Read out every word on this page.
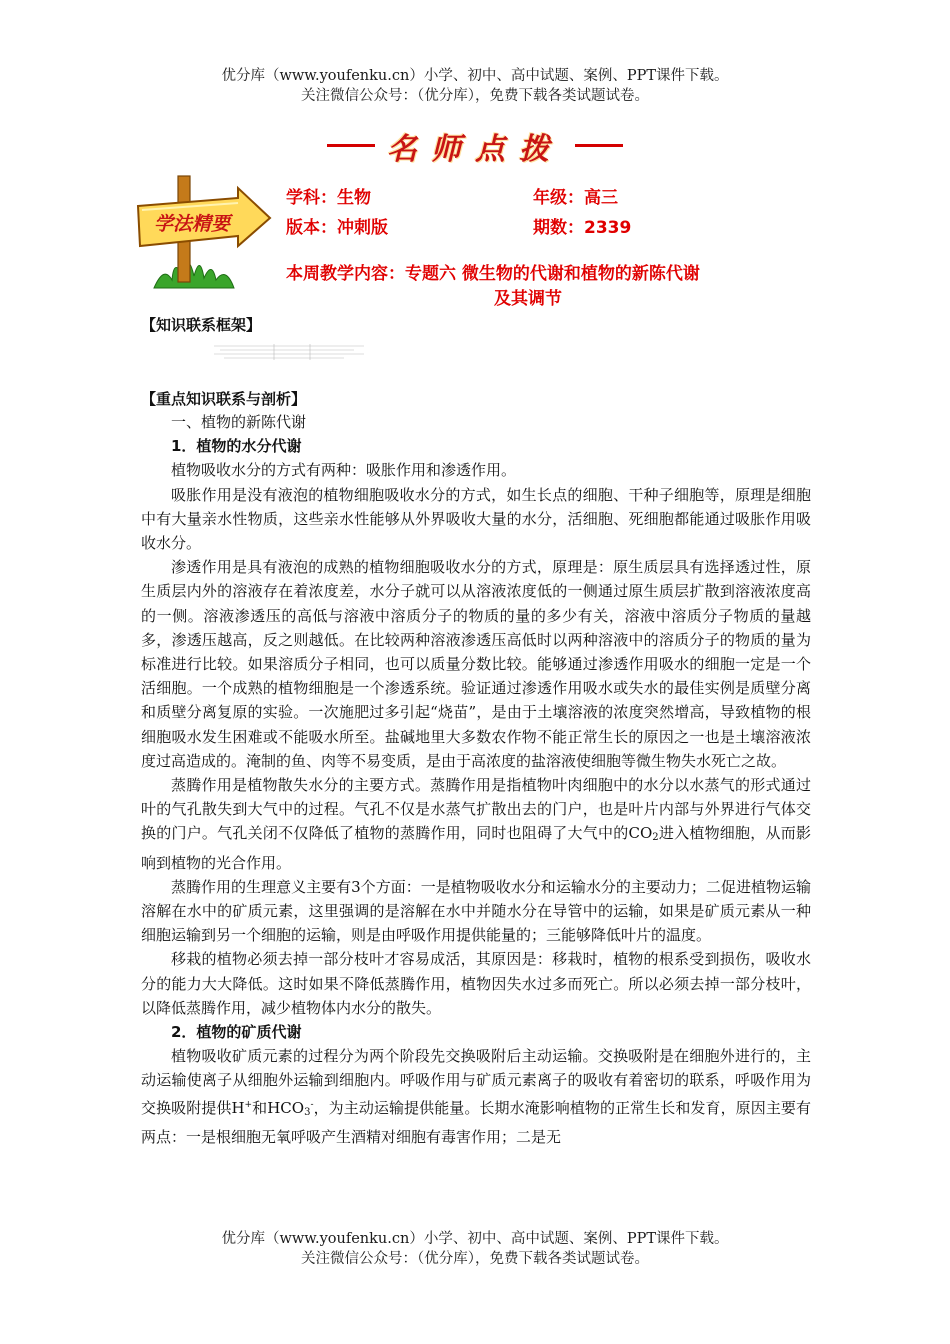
优分库（www.youfenku.cn）小学、初中、高中试题、案例、PPT课件下载。
关注微信公众号：（优分库），免费下载各类试题试卷。
名师点拨
学法精要
学科：生物	年级：高三
版本：冲刺版	期数：2339
本周教学内容：专题六 微生物的代谢和植物的新陈代谢
及其调节
【知识联系框架】
【重点知识联系与剖析】

一、植物的新陈代谢

1．植物的水分代谢

植物吸收水分的方式有两种：吸胀作用和渗透作用。

吸胀作用是没有液泡的植物细胞吸收水分的方式，如生长点的细胞、干种子细胞等，原理是细胞中有大量亲水性物质，这些亲水性能够从外界吸收大量的水分，活细胞、死细胞都能通过吸胀作用吸收水分。

渗透作用是具有液泡的成熟的植物细胞吸收水分的方式，原理是：原生质层具有选择透过性，原生质层内外的溶液存在着浓度差，水分子就可以从溶液浓度低的一侧通过原生质层扩散到溶液浓度高的一侧。溶液渗透压的高低与溶液中溶质分子的物质的量的多少有关，溶液中溶质分子物质的量越多，渗透压越高，反之则越低。在比较两种溶液渗透压高低时以两种溶液中的溶质分子的物质的量为标准进行比较。如果溶质分子相同，也可以质量分数比较。能够通过渗透作用吸水的细胞一定是一个活细胞。一个成熟的植物细胞是一个渗透系统。验证通过渗透作用吸水或失水的最佳实例是质壁分离和质壁分离复原的实验。一次施肥过多引起“烧苗”，是由于土壤溶液的浓度突然增高，导致植物的根细胞吸水发生困难或不能吸水所至。盐碱地里大多数农作物不能正常生长的原因之一也是土壤溶液浓度过高造成的。淹制的鱼、肉等不易变质，是由于高浓度的盐溶液使细胞等微生物失水死亡之故。

蒸腾作用是植物散失水分的主要方式。蒸腾作用是指植物叶肉细胞中的水分以水蒸气的形式通过叶的气孔散失到大气中的过程。气孔不仅是水蒸气扩散出去的门户，也是叶片内部与外界进行气体交换的门户。气孔关闭不仅降低了植物的蒸腾作用，同时也阻碍了大气中的$CO_2$进入植物细胞，从而影响到植物的光合作用。

蒸腾作用的生理意义主要有3个方面：一是植物吸收水分和运输水分的主要动力；二促进植物运输溶解在水中的矿质元素，这里强调的是溶解在水中并随水分在导管中的运输，如果是矿质元素从一种细胞运输到另一个细胞的运输，则是由呼吸作用提供能量的；三能够降低叶片的温度。

移栽的植物必须去掉一部分枝叶才容易成活，其原因是：移栽时，植物的根系受到损伤，吸收水分的能力大大降低。这时如果不降低蒸腾作用，植物因失水过多而死亡。所以必须去掉一部分枝叶，以降低蒸腾作用，减少植物体内水分的散失。

2．植物的矿质代谢

植物吸收矿质元素的过程分为两个阶段先交换吸附后主动运输。交换吸附是在细胞外进行的，主动运输使离子从细胞外运输到细胞内。呼吸作用与矿质元素离子的吸收有着密切的联系，呼吸作用为交换吸附提供H+和$HCO_3^-$，为主动运输提供能量。长期水淹影响植物的正常生长和发育，原因主要有两点：一是根细胞无氧呼吸产生酒精对细胞有毒害作用；二是无

优分库（www.youfenku.cn）小学、初中、高中试题、案例、PPT课件下载。
关注微信公众号：（优分库），免费下载各类试题试卷。
